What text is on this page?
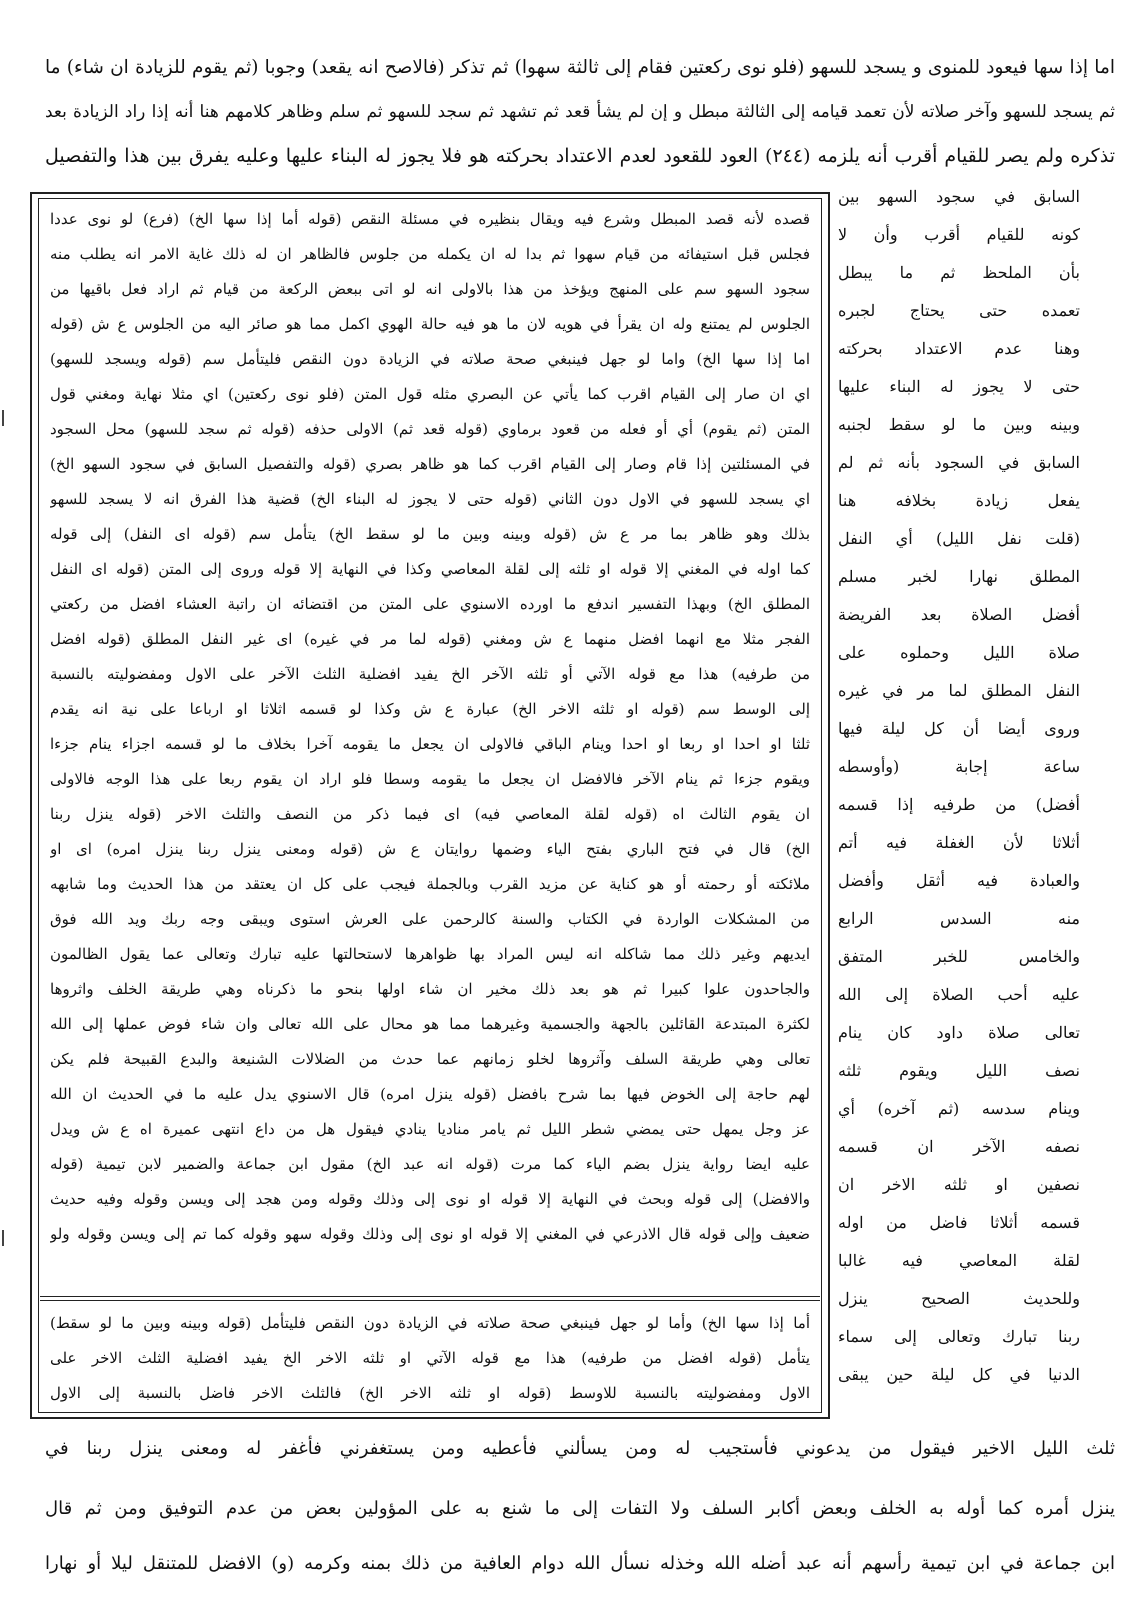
اما إذا سها فيعود للمنوى و يسجد للسهو (فلو نوى ركعتين فقام إلى ثالثة سهوا) ثم تذكر (فالاصح انه يقعد) وجوبا (ثم يقوم للزيادة ان شاء) ما
ثم يسجد للسهو وآخر صلاته لأن تعمد قيامه إلى الثالثة مبطل و إن لم يشأ قعد ثم تشهد ثم سجد للسهو ثم سلم وظاهر كلامهم هنا أنه إذا راد الزيادة بعد
تذكره ولم يصر للقيام أقرب أنه يلزمه (٢٤٤) العود للقعود لعدم الاعتداد بحركته هو فلا يجوز له البناء عليها وعليه يفرق بين هذا والتفصيل
السابق في سجود السهو بين
كونه للقيام أقرب وأن لا
بأن الملحظ ثم ما يبطل
تعمده حتى يحتاج لجبره
وهنا عدم الاعتداد بحركته
حتى لا يجوز له البناء عليها
وبينه وبين ما لو سقط لجنبه
السابق في السجود بأنه ثم لم
يفعل زيادة بخلافه هنا
(قلت نفل الليل) أي النفل
المطلق نهارا لخبر مسلم
أفضل الصلاة بعد الفريضة
صلاة الليل وحملوه على
النفل المطلق لما مر في غيره
وروى أيضا أن كل ليلة فيها
ساعة إجابة (وأوسطه
أفضل) من طرفيه إذا قسمه
أثلاثا لأن الغفلة فيه أتم
والعبادة فيه أثقل وأفضل
منه السدس الرابع
والخامس للخبر المتفق
عليه أحب الصلاة إلى الله
تعالى صلاة داود كان ينام
نصف الليل ويقوم ثلثه
وينام سدسه (ثم آخره) أي
نصفه الآخر ان قسمه
نصفين او ثلثه الاخر ان
قسمه أثلاثا فاضل من اوله
لقلة المعاصي فيه غالبا
وللحديث الصحيح ينزل
ربنا تبارك وتعالى إلى سماء
الدنيا في كل ليلة حين يبقى
قصده لأنه قصد المبطل وشرع فيه ويقال بنظيره في مسئلة النقص (قوله أما إذا سها الخ) (فرع) لو نوى عددا
فجلس قبل استيفائه من قيام سهوا ثم بدا له ان يكمله من جلوس فالظاهر ان له ذلك غاية الامر انه يطلب منه
سجود السهو سم على المنهج ويؤخذ من هذا بالاولى انه لو اتى ببعض الركعة من قيام ثم اراد فعل باقيها من
الجلوس لم يمتنع وله ان يقرأ في هويه لان ما هو فيه حالة الهوي اكمل مما هو صائر اليه من الجلوس ع ش (قوله
اما إذا سها الخ) واما لو جهل فينبغي صحة صلاته في الزيادة دون النقص فليتأمل سم (قوله ويسجد للسهو)
اي ان صار إلى القيام اقرب كما يأتي عن البصري مثله قول المتن (فلو نوى ركعتين) اي مثلا نهاية ومغني قول
المتن (ثم يقوم) أي أو فعله من قعود برماوي (قوله قعد ثم) الاولى حذفه (قوله ثم سجد للسهو) محل السجود
في المسئلتين إذا قام وصار إلى القيام اقرب كما هو ظاهر بصري (قوله والتفصيل السابق في سجود السهو الخ)
اي يسجد للسهو في الاول دون الثاني (قوله حتى لا يجوز له البناء الخ) قضية هذا الفرق انه لا يسجد للسهو
بذلك وهو ظاهر بما مر ع ش (قوله وبينه وبين ما لو سقط الخ) يتأمل سم (قوله اى النفل) إلى قوله
كما اوله في المغني إلا قوله او ثلثه إلى لقلة المعاصي وكذا في النهاية إلا قوله وروى إلى المتن (قوله اى النفل
المطلق الخ) وبهذا التفسير اندفع ما اورده الاسنوي على المتن من اقتضائه ان راتبة العشاء افضل من ركعتي
الفجر مثلا مع انهما افضل منهما ع ش ومغني (قوله لما مر في غيره) اى غير النفل المطلق (قوله افضل
من طرفيه) هذا مع قوله الآتي أو ثلثه الآخر الخ يفيد افضلية الثلث الآخر على الاول ومفضوليته بالنسبة
إلى الوسط سم (قوله او ثلثه الاخر الخ) عبارة ع ش وكذا لو قسمه اثلاثا او ارباعا على نية انه يقدم
ثلثا او احدا او ربعا او احدا وينام الباقي فالاولى ان يجعل ما يقومه آخرا بخلاف ما لو قسمه اجزاء ينام جزءا
ويقوم جزءا ثم ينام الآخر فالافضل ان يجعل ما يقومه وسطا فلو اراد ان يقوم ربعا على هذا الوجه فالاولى
ان يقوم الثالث اه (قوله لقلة المعاصي فيه) اى فيما ذكر من النصف والثلث الاخر (قوله ينزل ربنا
الخ) قال في فتح الباري بفتح الياء وضمها روايتان ع ش (قوله ومعنى ينزل ربنا ينزل امره) اى او
ملائكته أو رحمته أو هو كناية عن مزيد القرب وبالجملة فيجب على كل ان يعتقد من هذا الحديث وما شابهه
من المشكلات الواردة في الكتاب والسنة كالرحمن على العرش استوى ويبقى وجه ربك ويد الله فوق
ايديهم وغير ذلك مما شاكله انه ليس المراد بها ظواهرها لاستحالتها عليه تبارك وتعالى عما يقول الظالمون
والجاحدون علوا كبيرا ثم هو بعد ذلك مخير ان شاء اولها بنحو ما ذكرناه وهي طريقة الخلف واثروها
لكثرة المبتدعة القائلين بالجهة والجسمية وغيرهما مما هو محال على الله تعالى وان شاء فوض عملها إلى الله
تعالى وهي طريقة السلف وآثروها لخلو زمانهم عما حدث من الضلالات الشنيعة والبدع القبيحة فلم يكن
لهم حاجة إلى الخوض فيها بما شرح بافضل (قوله ينزل امره) قال الاسنوي يدل عليه ما في الحديث ان الله
عز وجل يمهل حتى يمضي شطر الليل ثم يامر مناديا ينادي فيقول هل من داع انتهى عميرة اه ع ش ويدل
عليه ايضا رواية ينزل بضم الياء كما مرت (قوله انه عبد الخ) مقول ابن جماعة والضمير لابن تيمية (قوله
والافضل) إلى قوله وبحث في النهاية إلا قوله او نوى إلى وذلك وقوله ومن هجد إلى ويسن وقوله وفيه حديث
ضعيف وإلى قوله قال الاذرعي في المغني إلا قوله او نوى إلى وذلك وقوله سهو وقوله كما تم إلى ويسن وقوله ولو
أما إذا سها الخ) وأما لو جهل فينبغي صحة صلاته في الزيادة دون النقص فليتأمل (قوله وبينه وبين ما لو سقط)
يتأمل (قوله افضل من طرفيه) هذا مع قوله الآتي او ثلثه الاخر الخ يفيد افضلية الثلث الاخر على
الاول ومفضوليته بالنسبة للاوسط (قوله او ثلثه الاخر الخ) فالثلث الاخر فاضل بالنسبة إلى الاول
ثلث الليل الاخير فيقول من يدعوني فأستجيب له ومن يسألني فأعطيه ومن يستغفرني فأغفر له ومعنى ينزل ربنا في
ينزل أمره كما أوله به الخلف وبعض أكابر السلف ولا التفات إلى ما شنع به على المؤولين بعض من عدم التوفيق ومن ثم قال
ابن جماعة في ابن تيمية رأسهم أنه عبد أضله الله وخذله نسأل الله دوام العافية من ذلك بمنه وكرمه (و) الافضل للمتنقل ليلا أو نهارا
